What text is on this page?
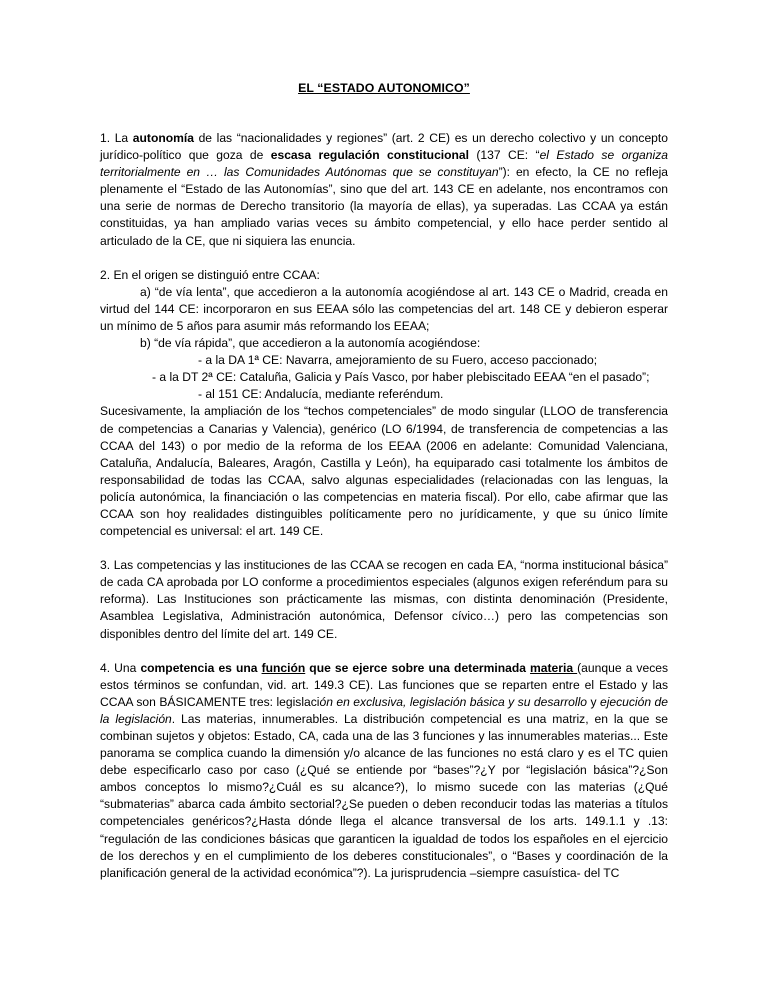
EL “ESTADO AUTONOMICO”

1. La autonomía de las “nacionalidades y regiones” (art. 2 CE) es un derecho colectivo y un concepto jurídico-político que goza de escasa regulación constitucional (137 CE: “el Estado se organiza territorialmente en … las Comunidades Autónomas que se constituyan”): en efecto, la CE no refleja plenamente el “Estado de las Autonomías”, sino que del art. 143 CE en adelante, nos encontramos con una serie de normas de Derecho transitorio (la mayoría de ellas), ya superadas. Las CCAA ya están constituidas, ya han ampliado varias veces su ámbito competencial, y ello hace perder sentido al articulado de la CE, que ni siquiera las enuncia.

2. En el origen se distinguió entre CCAA:

a) “de vía lenta”, que accedieron a la autonomía acogiéndose al art. 143 CE o Madrid, creada en virtud del 144 CE: incorporaron en sus EEAA sólo las competencias del art. 148 CE y debieron esperar un mínimo de 5 años para asumir más reformando los EEAA;

b) “de vía rápida”, que accedieron a la autonomía acogiéndose:

- a la DA 1ª CE: Navarra, amejoramiento de su Fuero, acceso paccionado;

- a la DT 2ª CE: Cataluña, Galicia y País Vasco, por haber plebiscitado EEAA “en el pasado”;

- al 151 CE: Andalucía, mediante referéndum.

Sucesivamente, la ampliación de los “techos competenciales” de modo singular (LLOO de transferencia de competencias a Canarias y Valencia), genérico (LO 6/1994, de transferencia de competencias a las CCAA del 143) o por medio de la reforma de los EEAA (2006 en adelante: Comunidad Valenciana, Cataluña, Andalucía, Baleares, Aragón, Castilla y León), ha equiparado casi totalmente los ámbitos de responsabilidad de todas las CCAA, salvo algunas especialidades (relacionadas con las lenguas, la policía autonómica, la financiación o las competencias en materia fiscal). Por ello, cabe afirmar que las CCAA son hoy realidades distinguibles políticamente pero no jurídicamente, y que su único límite competencial es universal: el art. 149 CE.

3. Las competencias y las instituciones de las CCAA se recogen en cada EA, “norma institucional básica” de cada CA aprobada por LO conforme a procedimientos especiales (algunos exigen referéndum para su reforma). Las Instituciones son prácticamente las mismas, con distinta denominación (Presidente, Asamblea Legislativa, Administración autonómica, Defensor cívico…) pero las competencias son disponibles dentro del límite del art. 149 CE.

4. Una competencia es una función que se ejerce sobre una determinada materia (aunque a veces estos términos se confundan, vid. art. 149.3 CE). Las funciones que se reparten entre el Estado y las CCAA son BÁSICAMENTE tres: legislación en exclusiva, legislación básica y su desarrollo y ejecución de la legislación. Las materias, innumerables. La distribución competencial es una matriz, en la que se combinan sujetos y objetos: Estado, CA, cada una de las 3 funciones y las innumerables materias... Este panorama se complica cuando la dimensión y/o alcance de las funciones no está claro y es el TC quien debe especificarlo caso por caso (¿Qué se entiende por “bases”?¿Y por “legislación básica”?¿Son ambos conceptos lo mismo?¿Cuál es su alcance?), lo mismo sucede con las materias (¿Qué “submaterias” abarca cada ámbito sectorial?¿Se pueden o deben reconducir todas las materias a títulos competenciales genéricos?¿Hasta dónde llega el alcance transversal de los arts. 149.1.1 y .13: “regulación de las condiciones básicas que garanticen la igualdad de todos los españoles en el ejercicio de los derechos y en el cumplimiento de los deberes constitucionales”, o “Bases y coordinación de la planificación general de la actividad económica”?). La jurisprudencia –siempre casuística- del TC
